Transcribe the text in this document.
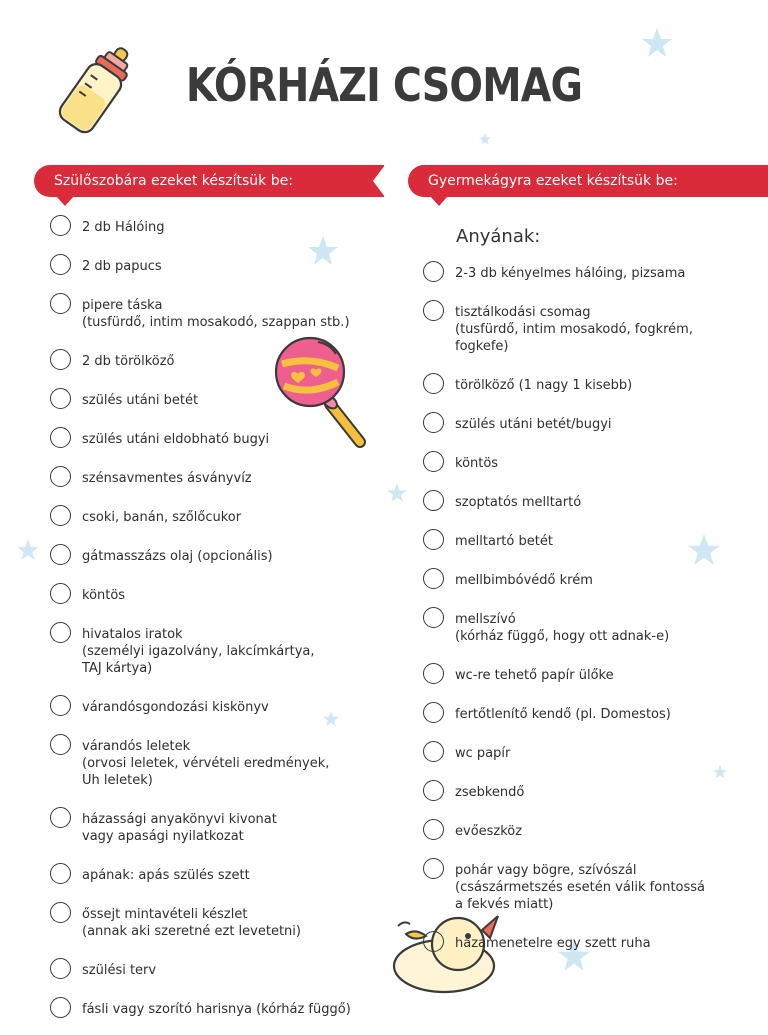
KÓRHÁZI CSOMAG
Szülőszobára ezeket készítsük be:	Gyermekágyra ezeket készítsük be:
Anyának:
2 db Hálóing
2 db papucs
pipere táska
(tusfürdő, intim mosakodó, szappan stb.)
2 db törölköző
szülés utáni betét
szülés utáni eldobható bugyi
szénsavmentes ásványvíz
csoki, banán, szőlőcukor
gátmasszázs olaj (opcionális)
köntös
hivatalos iratok
(személyi igazolvány, lakcímkártya,
TAJ kártya)
várandósgondozási kiskönyv
várandós leletek
(orvosi leletek, vérvételi eredmények,
Uh leletek)
házassági anyakönyvi kivonat
vagy apasági nyilatkozat
apának: apás szülés szett
őssejt mintavételi készlet
(annak aki szeretné ezt levetetni)
szülési terv
fásli vagy szorító harisnya (kórház függő)
2-3 db kényelmes hálóing, pizsama
tisztálkodási csomag
(tusfürdő, intim mosakodó, fogkrém,
fogkefe)
törölköző (1 nagy 1 kisebb)
szülés utáni betét/bugyi
köntös
szoptatós melltartó
melltartó betét
mellbimbóvédő krém
mellszívó
(kórház függő, hogy ott adnak-e)
wc-re tehető papír ülőke
fertőtlenítő kendő (pl. Domestos)
wc papír
zsebkendő
evőeszköz
pohár vagy bögre, szívószál
(császármetszés esetén válik fontossá
a fekvés miatt)
hazamenetelre egy szett ruha
